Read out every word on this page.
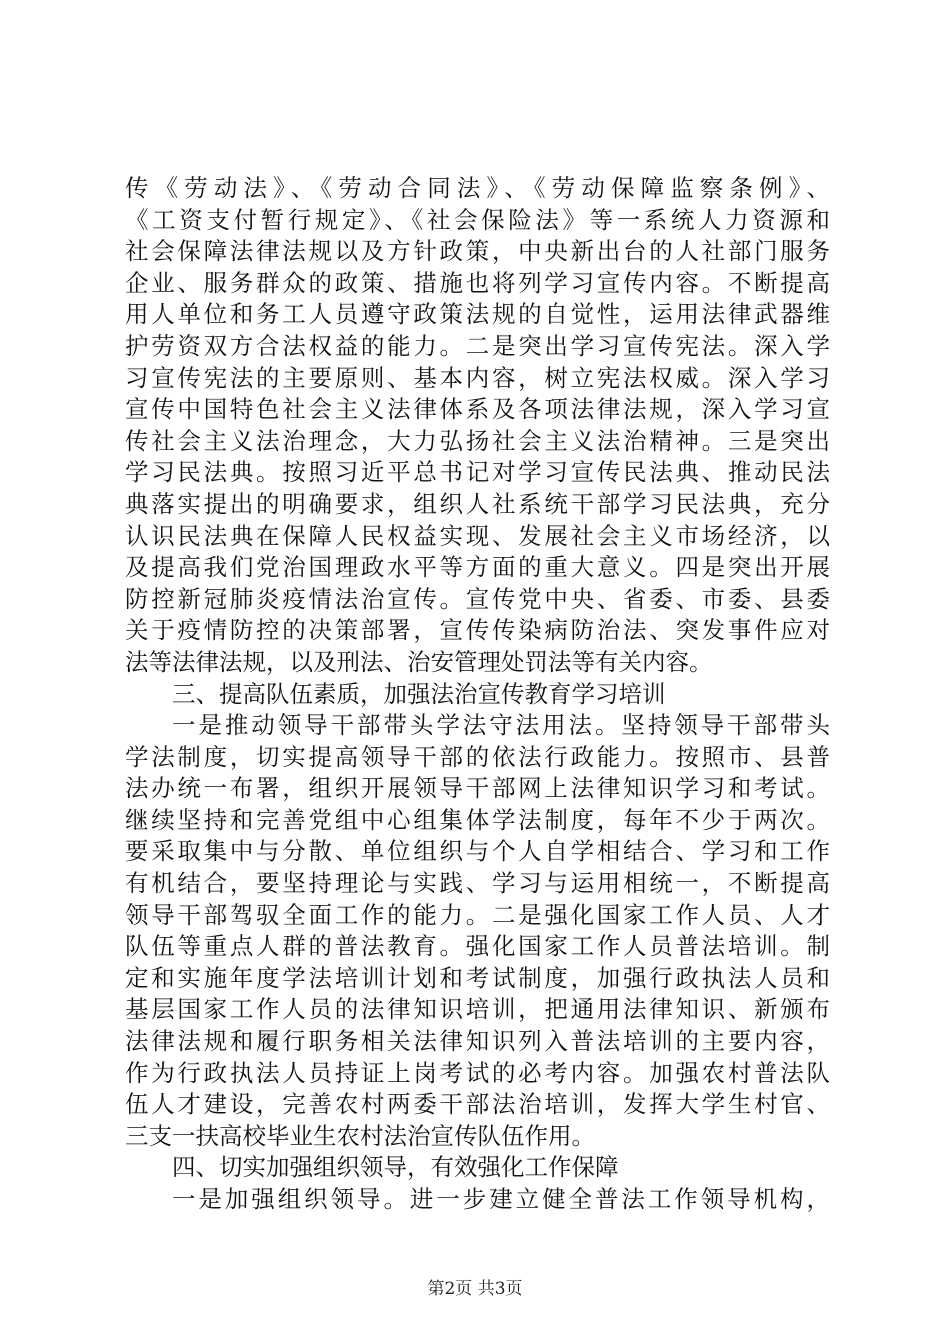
传《劳动法》、《劳动合同法》、《劳动保障监察条例》、
《工资支付暂行规定》、《社会保险法》等一系统人力资源和
社会保障法律法规以及方针政策，中央新出台的人社部门服务
企业、服务群众的政策、措施也将列学习宣传内容。不断提高
用人单位和务工人员遵守政策法规的自觉性，运用法律武器维
护劳资双方合法权益的能力。二是突出学习宣传宪法。深入学
习宣传宪法的主要原则、基本内容，树立宪法权威。深入学习
宣传中国特色社会主义法律体系及各项法律法规，深入学习宣
传社会主义法治理念，大力弘扬社会主义法治精神。三是突出
学习民法典。按照习近平总书记对学习宣传民法典、推动民法
典落实提出的明确要求，组织人社系统干部学习民法典，充分
认识民法典在保障人民权益实现、发展社会主义市场经济，以
及提高我们党治国理政水平等方面的重大意义。四是突出开展
防控新冠肺炎疫情法治宣传。宣传党中央、省委、市委、县委
关于疫情防控的决策部署，宣传传染病防治法、突发事件应对
法等法律法规，以及刑法、治安管理处罚法等有关内容。
三、提高队伍素质，加强法治宣传教育学习培训
一是推动领导干部带头学法守法用法。坚持领导干部带头
学法制度，切实提高领导干部的依法行政能力。按照市、县普
法办统一布署，组织开展领导干部网上法律知识学习和考试。
继续坚持和完善党组中心组集体学法制度，每年不少于两次。
要采取集中与分散、单位组织与个人自学相结合、学习和工作
有机结合，要坚持理论与实践、学习与运用相统一，不断提高
领导干部驾驭全面工作的能力。二是强化国家工作人员、人才
队伍等重点人群的普法教育。强化国家工作人员普法培训。制
定和实施年度学法培训计划和考试制度，加强行政执法人员和
基层国家工作人员的法律知识培训，把通用法律知识、新颁布
法律法规和履行职务相关法律知识列入普法培训的主要内容，
作为行政执法人员持证上岗考试的必考内容。加强农村普法队
伍人才建设，完善农村两委干部法治培训，发挥大学生村官、
三支一扶高校毕业生农村法治宣传队伍作用。
四、切实加强组织领导，有效强化工作保障
一是加强组织领导。进一步建立健全普法工作领导机构，
第2页 共3页
